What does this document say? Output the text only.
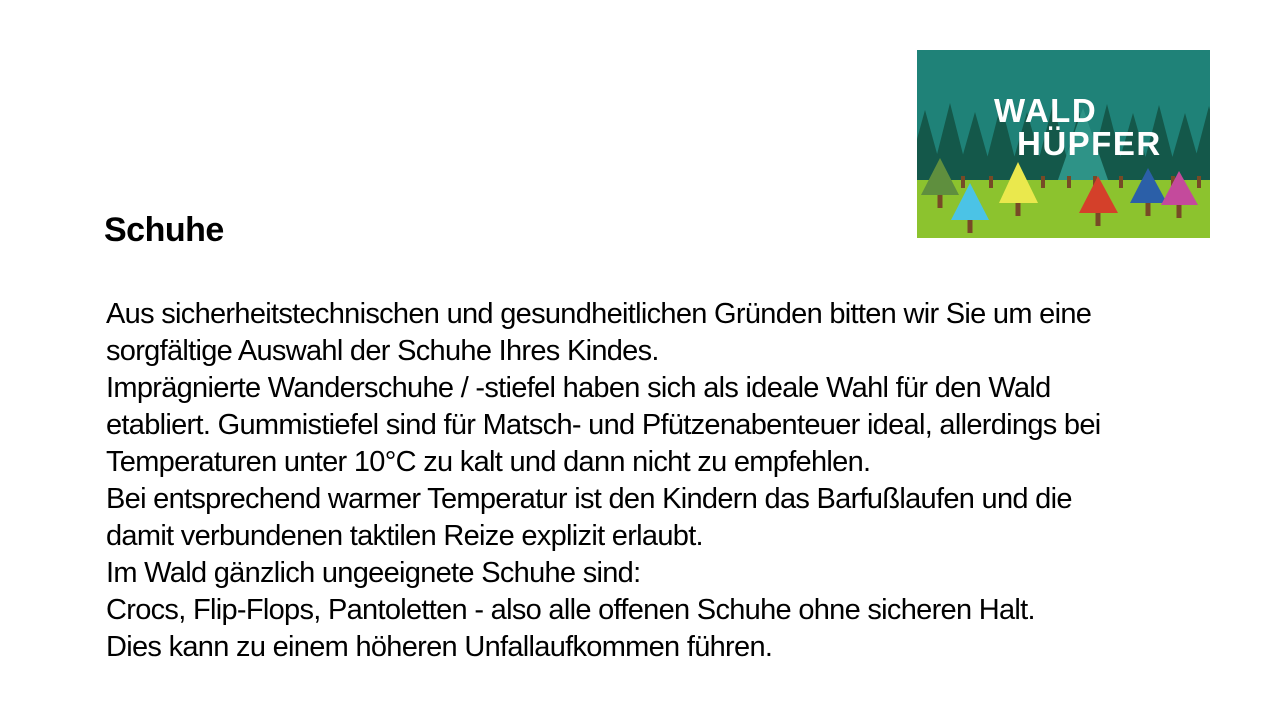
Schuhe
Aus sicherheitstechnischen und gesundheitlichen Gründen bitten wir Sie um eine
sorgfältige Auswahl der Schuhe Ihres Kindes.
Imprägnierte Wanderschuhe / -stiefel haben sich als ideale Wahl für den Wald
etabliert. Gummistiefel sind für Matsch- und Pfützenabenteuer ideal, allerdings bei
Temperaturen unter 10°C zu kalt und dann nicht zu empfehlen.
Bei entsprechend warmer Temperatur ist den Kindern das Barfußlaufen und die
damit verbundenen taktilen Reize explizit erlaubt.
Im Wald gänzlich ungeeignete Schuhe sind:
Crocs, Flip-Flops, Pantoletten - also alle offenen Schuhe ohne sicheren Halt.
Dies kann zu einem höheren Unfallaufkommen führen.
WALD
HÜPFER
